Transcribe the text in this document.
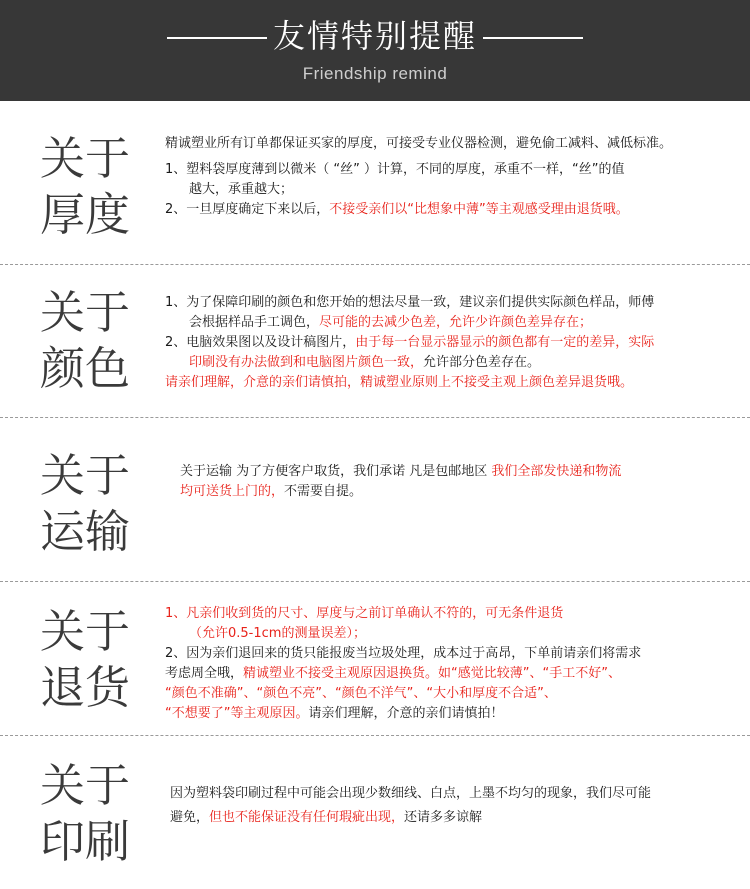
友情特别提醒
Friendship remind
关于
厚度

精诚塑业所有订单都保证买家的厚度，可接受专业仪器检测，避免偷工减料、减低标准。

1、塑料袋厚度薄到以微米（ “丝” ）计算，不同的厚度，承重不一样，“丝”的值

越大，承重越大；

2、一旦厚度确定下来以后，不接受亲们以“比想象中薄”等主观感受理由退货哦。

关于
颜色

1、为了保障印刷的颜色和您开始的想法尽量一致，建议亲们提供实际颜色样品，师傅

会根据样品手工调色，尽可能的去减少色差，允许少许颜色差异存在；

2、电脑效果图以及设计稿图片，由于每一台显示器显示的颜色都有一定的差异，实际

印刷没有办法做到和电脑图片颜色一致，允许部分色差存在。

请亲们理解，介意的亲们请慎拍，精诚塑业原则上不接受主观上颜色差异退货哦。

关于
运输

关于运输 为了方便客户取货，我们承诺 凡是包邮地区 我们全部发快递和物流

均可送货上门的，不需要自提。

关于
退货

1、凡亲们收到货的尺寸、厚度与之前订单确认不符的，可无条件退货

（允许0.5-1cm的测量误差）；

2、因为亲们退回来的货只能报废当垃圾处理，成本过于高昂，下单前请亲们将需求

考虑周全哦，精诚塑业不接受主观原因退换货。如“感觉比较薄”、“手工不好”、

“颜色不准确”、“颜色不亮”、“颜色不洋气”、“大小和厚度不合适”、

“不想要了”等主观原因。请亲们理解，介意的亲们请慎拍！

关于
印刷

因为塑料袋印刷过程中可能会出现少数细线、白点，上墨不均匀的现象，我们尽可能

避免，但也不能保证没有任何瑕疵出现，还请多多谅解
